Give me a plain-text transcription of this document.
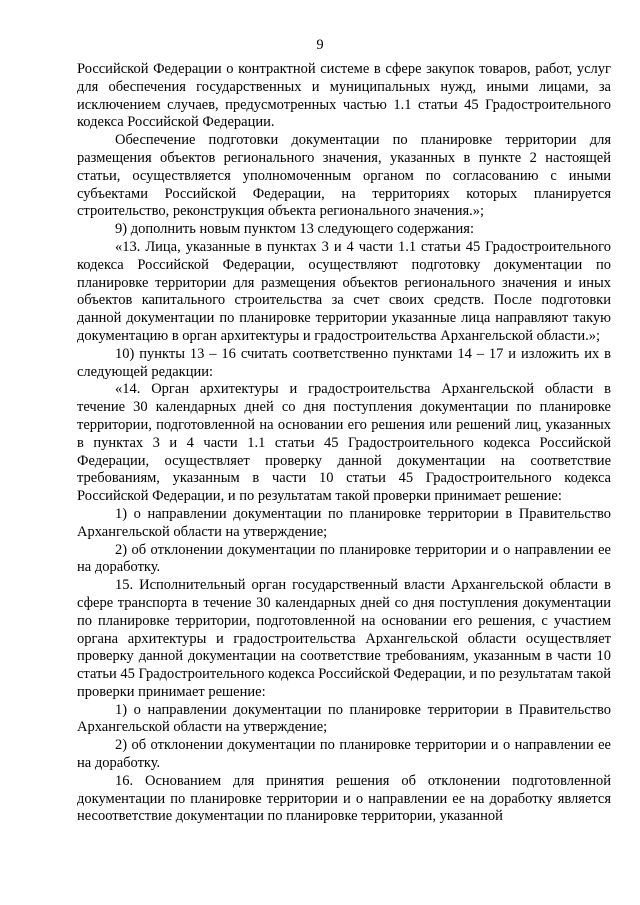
9

Российской Федерации о контрактной системе в сфере закупок товаров, работ, услуг для обеспечения государственных и муниципальных нужд, иными лицами, за исключением случаев, предусмотренных частью 1.1 статьи 45 Градостроительного кодекса Российской Федерации.

Обеспечение подготовки документации по планировке территории для размещения объектов регионального значения, указанных в пункте 2 настоящей статьи, осуществляется уполномоченным органом по согласованию с иными субъектами Российской Федерации, на территориях которых планируется строительство, реконструкция объекта регионального значения.»;

9) дополнить новым пунктом 13 следующего содержания:

«13. Лица, указанные в пунктах 3 и 4 части 1.1 статьи 45 Градостроительного кодекса Российской Федерации, осуществляют подготовку документации по планировке территории для размещения объектов регионального значения и иных объектов капитального строительства за счет своих средств. После подготовки данной документации по планировке территории указанные лица направляют такую документацию в орган архитектуры и градостроительства Архангельской области.»;

10) пункты 13 – 16 считать соответственно пунктами 14 – 17 и изложить их в следующей редакции:

«14. Орган архитектуры и градостроительства Архангельской области в течение 30 календарных дней со дня поступления документации по планировке территории, подготовленной на основании его решения или решений лиц, указанных в пунктах 3 и 4 части 1.1 статьи 45 Градостроительного кодекса Российской Федерации, осуществляет проверку данной документации на соответствие требованиям, указанным в части 10 статьи 45 Градостроительного кодекса Российской Федерации, и по результатам такой проверки принимает решение:

1) о направлении документации по планировке территории в Правительство Архангельской области на утверждение;

2) об отклонении документации по планировке территории и о направлении ее на доработку.

15. Исполнительный орган государственный власти Архангельской области в сфере транспорта в течение 30 календарных дней со дня поступления документации по планировке территории, подготовленной на основании его решения, с участием органа архитектуры и градостроительства Архангельской области осуществляет проверку данной документации на соответствие требованиям, указанным в части 10 статьи 45 Градостроительного кодекса Российской Федерации, и по результатам такой проверки принимает решение:

1) о направлении документации по планировке территории в Правительство Архангельской области на утверждение;

2) об отклонении документации по планировке территории и о направлении ее на доработку.

16. Основанием для принятия решения об отклонении подготовленной документации по планировке территории и о направлении ее на доработку является несоответствие документации по планировке территории, указанной
